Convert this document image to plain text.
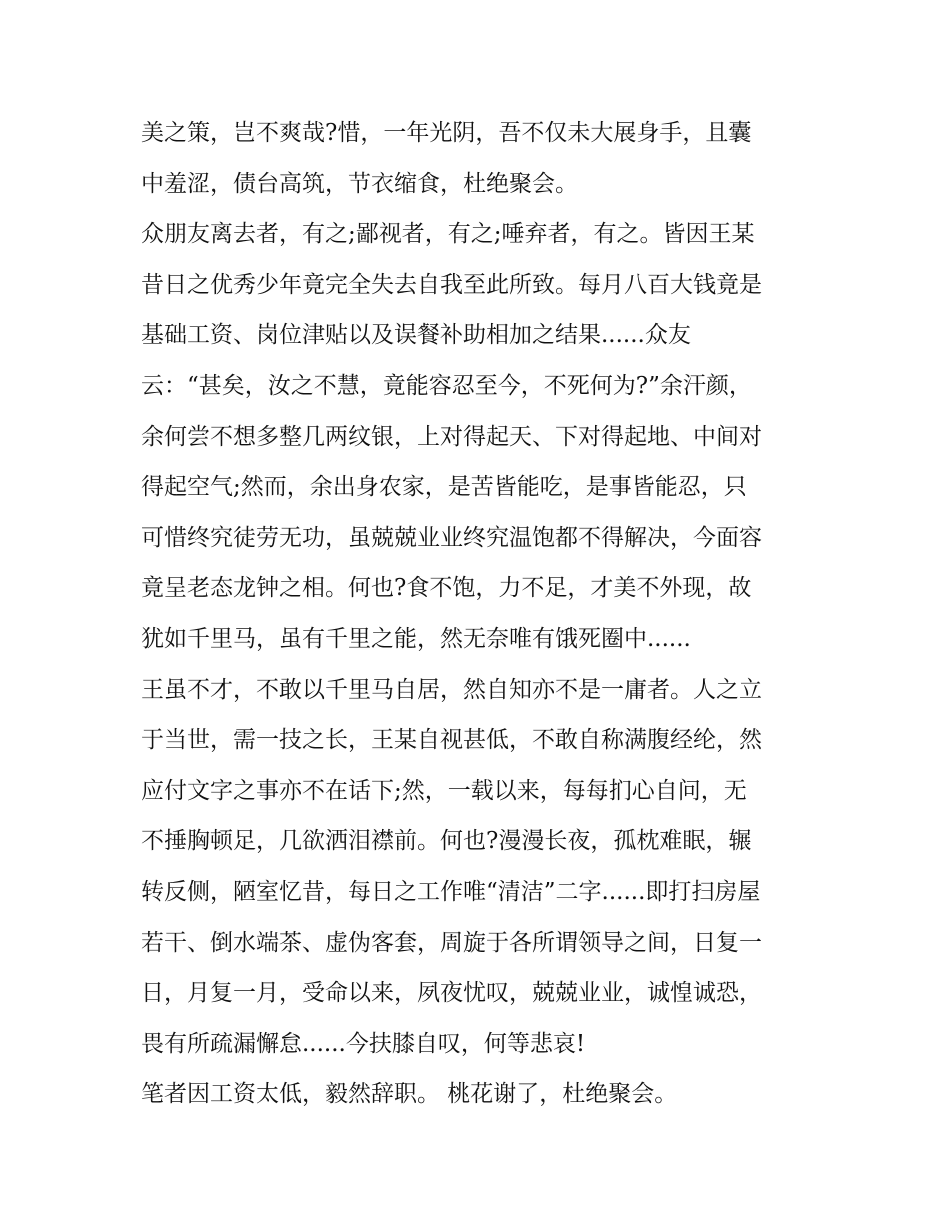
美之策，岂不爽哉?惜，一年光阴，吾不仅未大展身手，且囊
中羞涩，债台高筑，节衣缩食，杜绝聚会。
众朋友离去者，有之;鄙视者，有之;唾弃者，有之。皆因王某
昔日之优秀少年竟完全失去自我至此所致。每月八百大钱竟是
基础工资、岗位津贴以及误餐补助相加之结果......众友
云：“甚矣，汝之不慧，竟能容忍至今，不死何为?”余汗颜，
余何尝不想多整几两纹银，上对得起天、下对得起地、中间对
得起空气;然而，余出身农家，是苦皆能吃，是事皆能忍，只
可惜终究徒劳无功，虽兢兢业业终究温饱都不得解决，今面容
竟呈老态龙钟之相。何也?食不饱，力不足，才美不外现，故
犹如千里马，虽有千里之能，然无奈唯有饿死圈中......
王虽不才，不敢以千里马自居，然自知亦不是一庸者。人之立
于当世，需一技之长，王某自视甚低，不敢自称满腹经纶，然
应付文字之事亦不在话下;然，一载以来，每每扪心自问，无
不捶胸顿足，几欲洒泪襟前。何也?漫漫长夜，孤枕难眠，辗
转反侧，陋室忆昔，每日之工作唯“清洁”二字......即打扫房屋
若干、倒水端茶、虚伪客套，周旋于各所谓领导之间，日复一
日，月复一月，受命以来，夙夜忧叹，兢兢业业，诚惶诚恐，
畏有所疏漏懈怠......今扶膝自叹，何等悲哀!
笔者因工资太低，毅然辞职。 桃花谢了，杜绝聚会。
